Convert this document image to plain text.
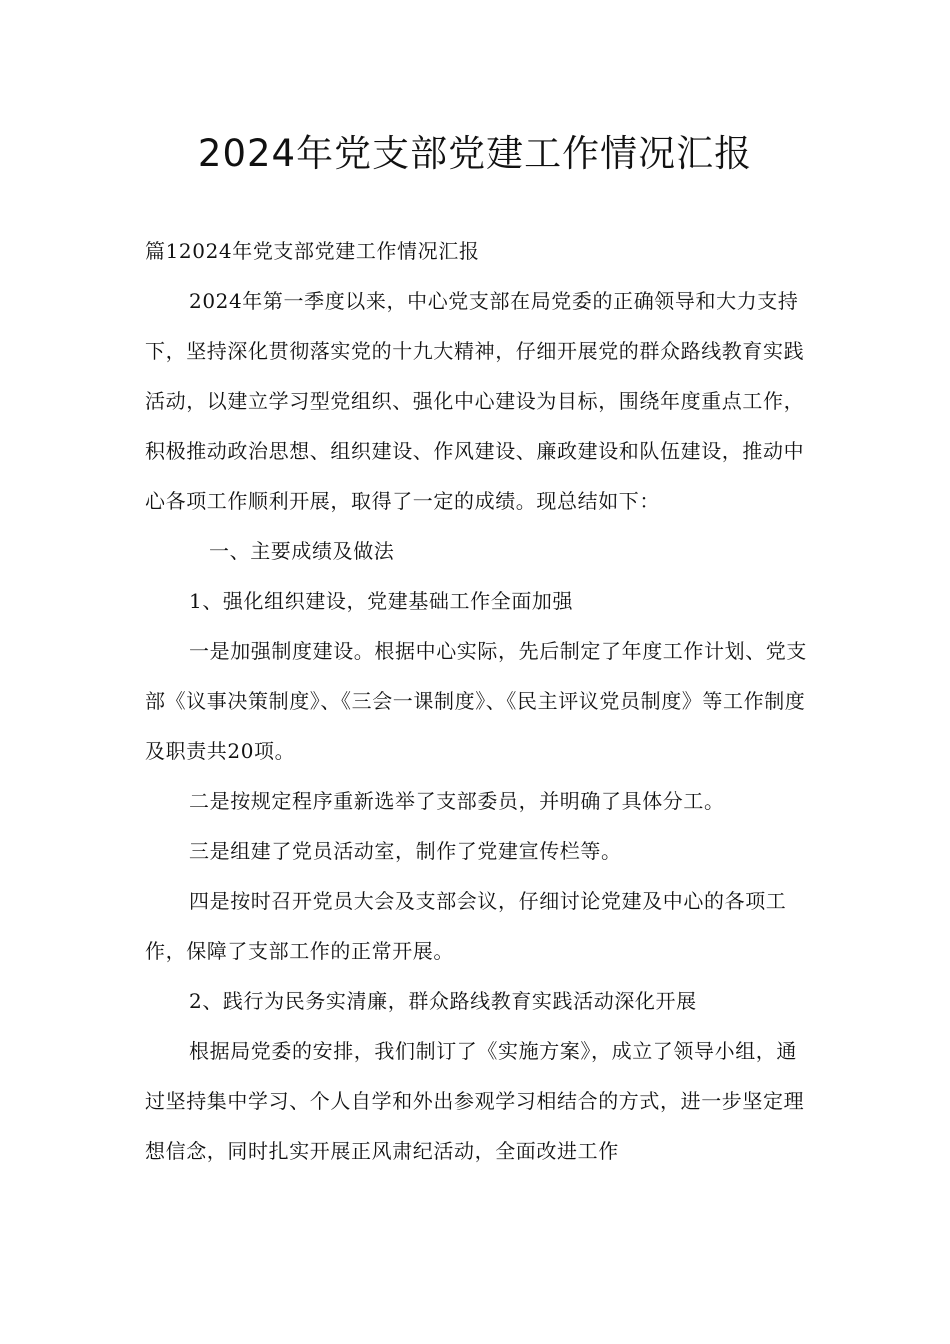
2024年党支部党建工作情况汇报

篇12024年党支部党建工作情况汇报

2024年第一季度以来，中心党支部在局党委的正确领导和大力支持下，坚持深化贯彻落实党的十九大精神，仔细开展党的群众路线教育实践活动，以建立学习型党组织、强化中心建设为目标，围绕年度重点工作，积极推动政治思想、组织建设、作风建设、廉政建设和队伍建设，推动中心各项工作顺利开展，取得了一定的成绩。现总结如下：

一、主要成绩及做法

1、强化组织建设，党建基础工作全面加强

一是加强制度建设。根据中心实际，先后制定了年度工作计划、党支部《议事决策制度》、《三会一课制度》、《民主评议党员制度》等工作制度及职责共20项。

二是按规定程序重新选举了支部委员，并明确了具体分工。

三是组建了党员活动室，制作了党建宣传栏等。

四是按时召开党员大会及支部会议，仔细讨论党建及中心的各项工作，保障了支部工作的正常开展。

2、践行为民务实清廉，群众路线教育实践活动深化开展

根据局党委的安排，我们制订了《实施方案》，成立了领导小组，通过坚持集中学习、个人自学和外出参观学习相结合的方式，进一步坚定理想信念，同时扎实开展正风肃纪活动，全面改进工作
